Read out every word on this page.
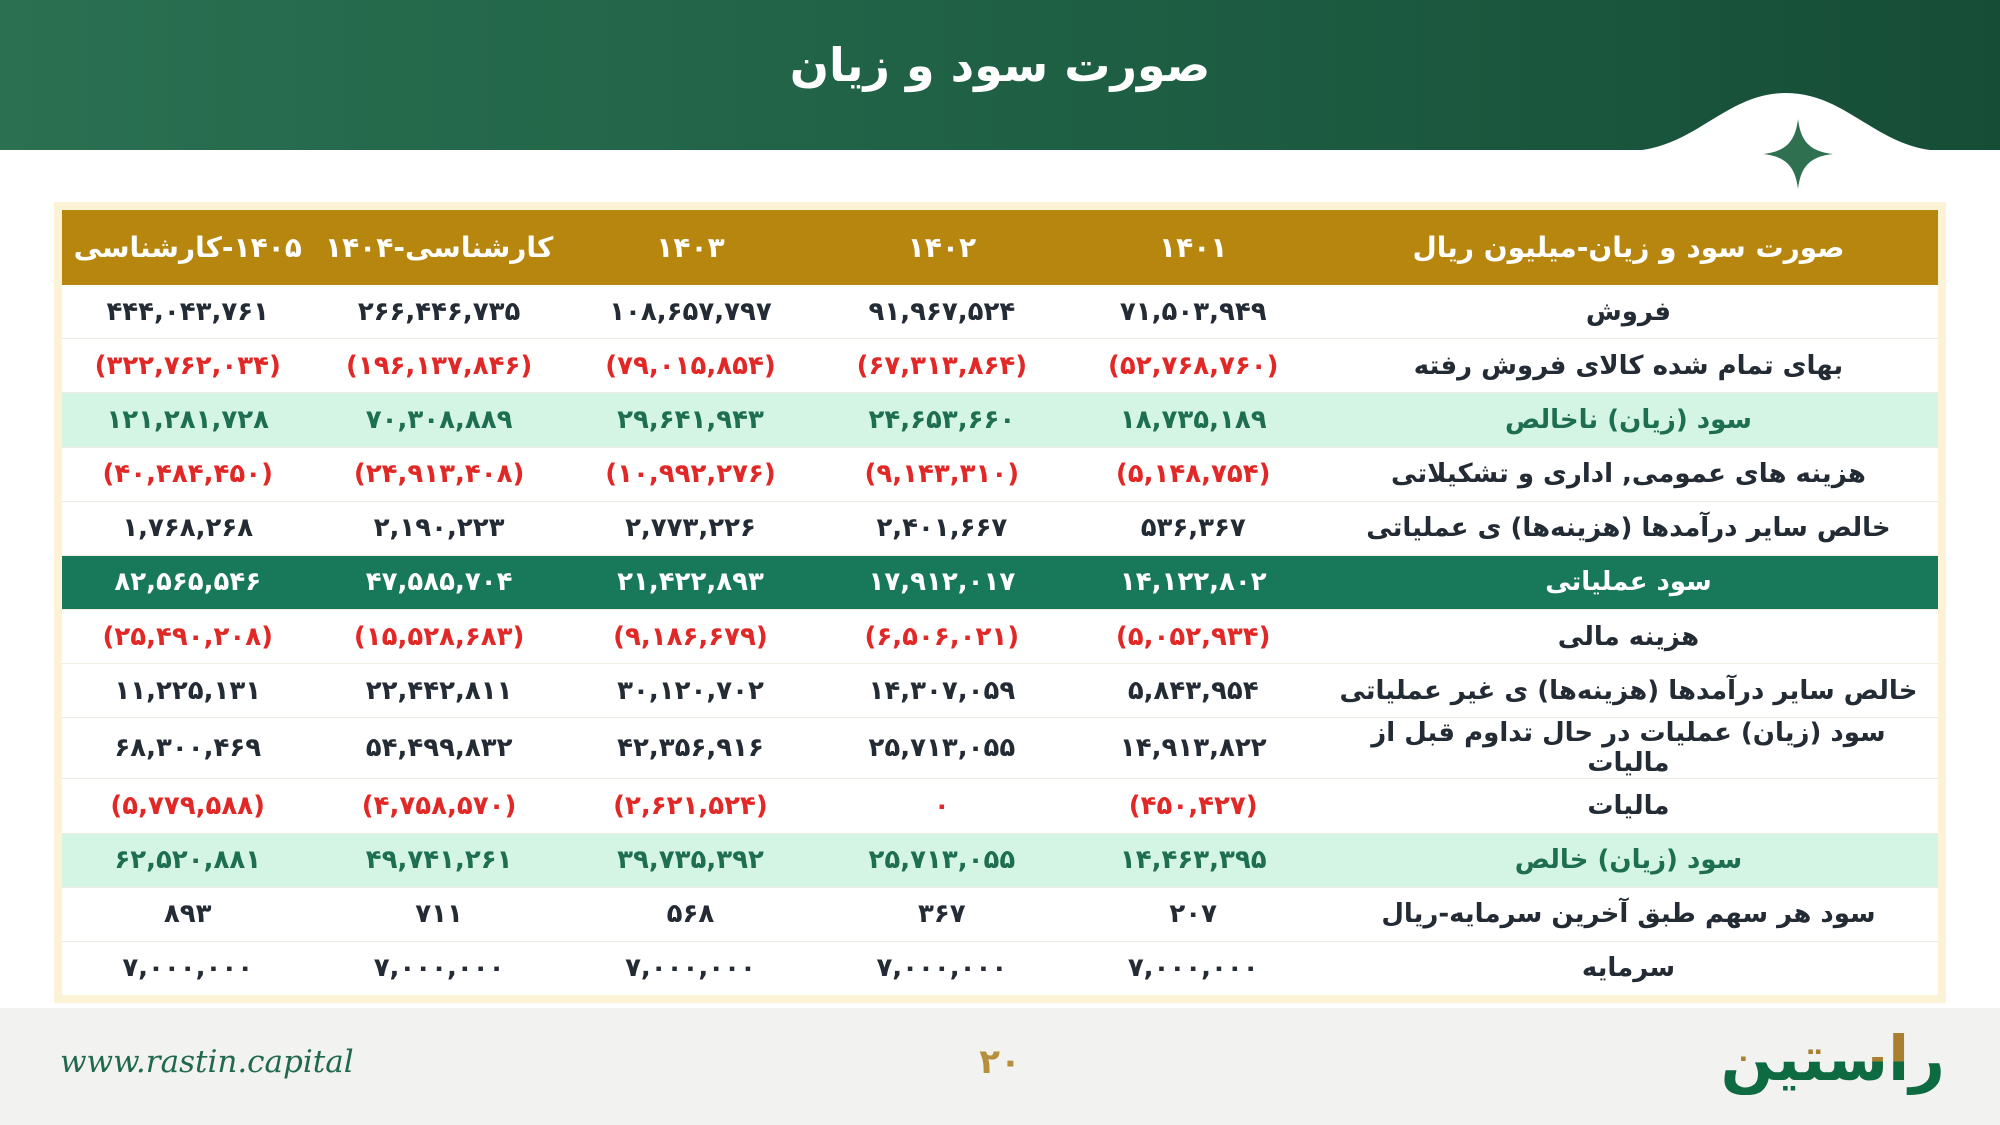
صورت سود و زیان
صورت سود و زیان-میلیون ریال
۱۴۰۱
۱۴۰۲
۱۴۰۳
کارشناسی-۱۴۰۴
۱۴۰۵-کارشناسی
فروش
۷۱,۵۰۳,۹۴۹
۹۱,۹۶۷,۵۲۴
۱۰۸,۶۵۷,۷۹۷
۲۶۶,۴۴۶,۷۳۵
۴۴۴,۰۴۳,۷۶۱
بهای تمام شده کالای فروش رفته
(۵۲,۷۶۸,۷۶۰)
(۶۷,۳۱۳,۸۶۴)
(۷۹,۰۱۵,۸۵۴)
(۱۹۶,۱۳۷,۸۴۶)
(۳۲۲,۷۶۲,۰۳۴)
سود (زیان) ناخالص
۱۸,۷۳۵,۱۸۹
۲۴,۶۵۳,۶۶۰
۲۹,۶۴۱,۹۴۳
۷۰,۳۰۸,۸۸۹
۱۲۱,۲۸۱,۷۲۸
هزینه های عمومی, اداری و تشکیلاتی
(۵,۱۴۸,۷۵۴)
(۹,۱۴۳,۳۱۰)
(۱۰,۹۹۲,۲۷۶)
(۲۴,۹۱۳,۴۰۸)
(۴۰,۴۸۴,۴۵۰)
خالص سایر درآمدها (هزینه‌ها) ی عملیاتی
۵۳۶,۳۶۷
۲,۴۰۱,۶۶۷
۲,۷۷۳,۲۲۶
۲,۱۹۰,۲۲۳
۱,۷۶۸,۲۶۸
سود عملیاتی
۱۴,۱۲۲,۸۰۲
۱۷,۹۱۲,۰۱۷
۲۱,۴۲۲,۸۹۳
۴۷,۵۸۵,۷۰۴
۸۲,۵۶۵,۵۴۶
هزینه مالی
(۵,۰۵۲,۹۳۴)
(۶,۵۰۶,۰۲۱)
(۹,۱۸۶,۶۷۹)
(۱۵,۵۲۸,۶۸۳)
(۲۵,۴۹۰,۲۰۸)
خالص سایر درآمدها (هزینه‌ها) ی غیر عملیاتی
۵,۸۴۳,۹۵۴
۱۴,۳۰۷,۰۵۹
۳۰,۱۲۰,۷۰۲
۲۲,۴۴۲,۸۱۱
۱۱,۲۲۵,۱۳۱
سود (زیان) عملیات در حال تداوم قبل از مالیات
۱۴,۹۱۳,۸۲۲
۲۵,۷۱۳,۰۵۵
۴۲,۳۵۶,۹۱۶
۵۴,۴۹۹,۸۳۲
۶۸,۳۰۰,۴۶۹
مالیات
(۴۵۰,۴۲۷)
۰
(۲,۶۲۱,۵۲۴)
(۴,۷۵۸,۵۷۰)
(۵,۷۷۹,۵۸۸)
سود (زیان) خالص
۱۴,۴۶۳,۳۹۵
۲۵,۷۱۳,۰۵۵
۳۹,۷۳۵,۳۹۲
۴۹,۷۴۱,۲۶۱
۶۲,۵۲۰,۸۸۱
سود هر سهم طبق آخرین سرمایه-ریال
۲۰۷
۳۶۷
۵۶۸
۷۱۱
۸۹۳
سرمایه
۷,۰۰۰,۰۰۰
۷,۰۰۰,۰۰۰
۷,۰۰۰,۰۰۰
۷,۰۰۰,۰۰۰
۷,۰۰۰,۰۰۰
www.rastin.capital	۲۰	راستین
